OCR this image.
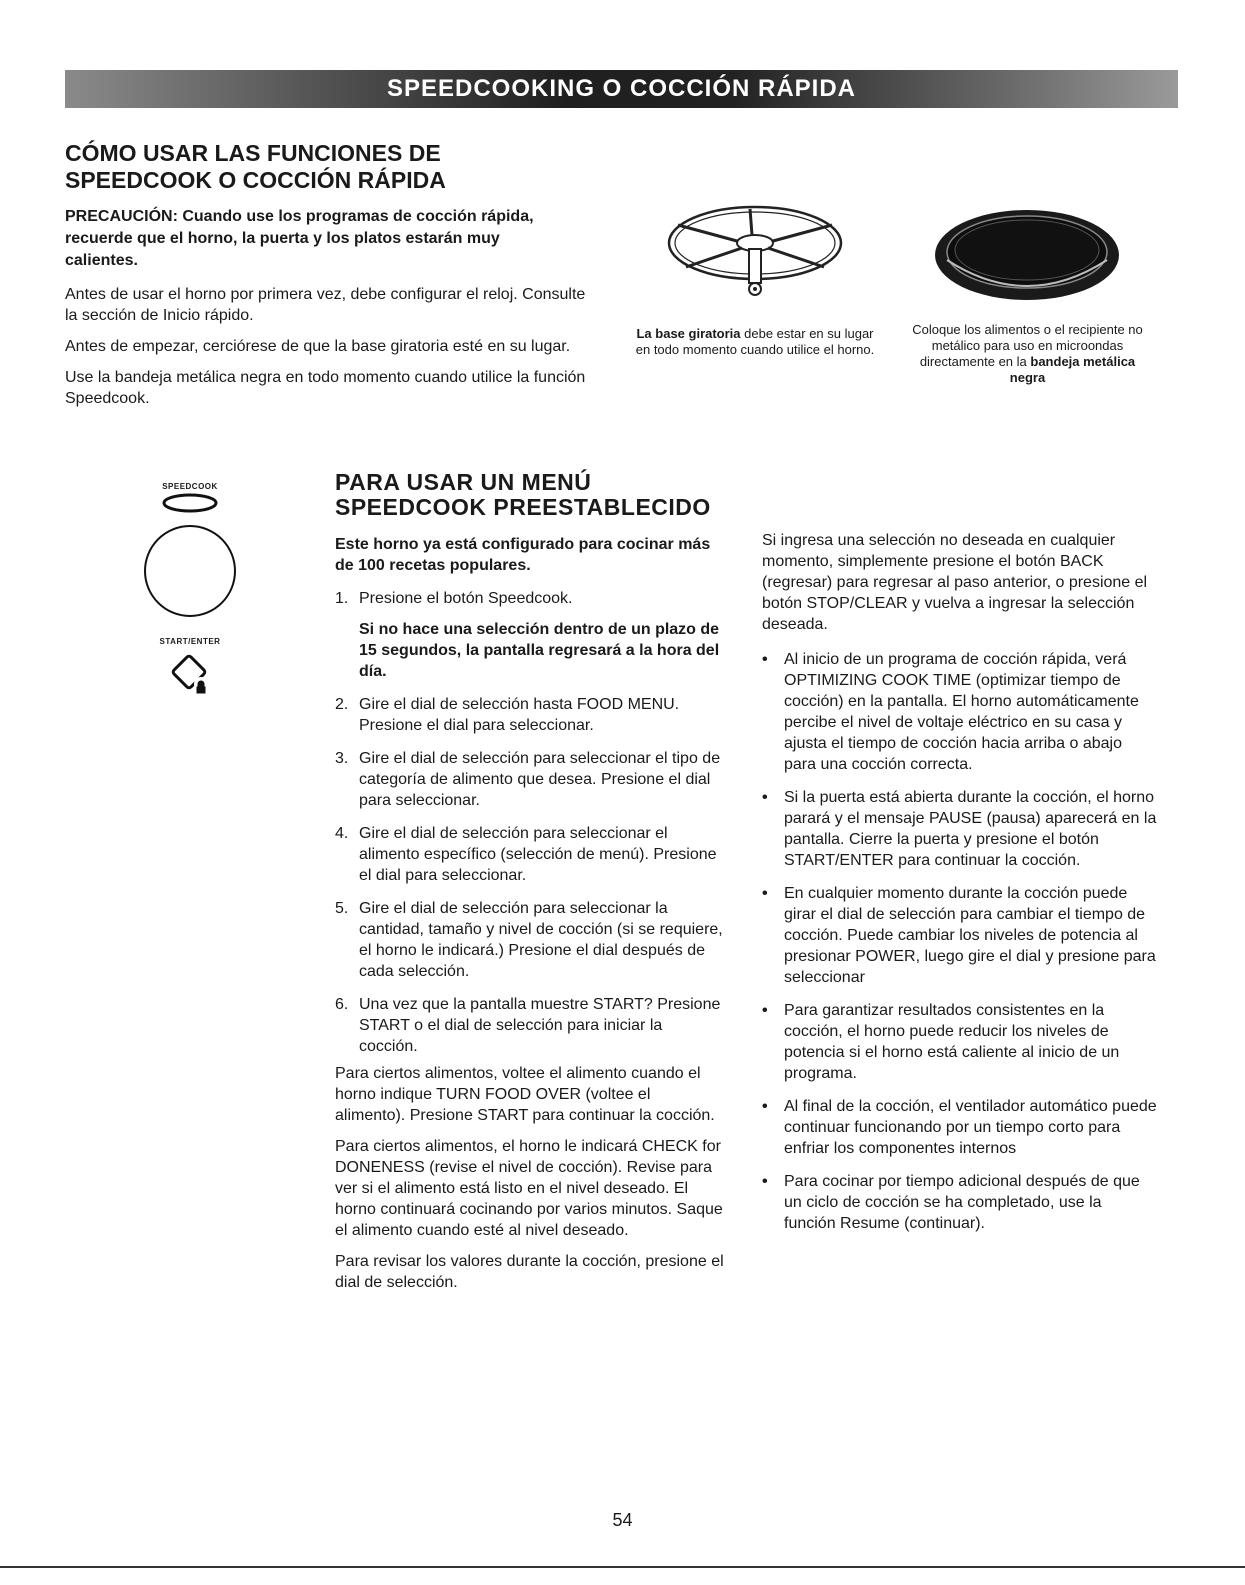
SPEEDCOOKING O COCCIÓN RÁPIDA
CÓMO USAR LAS FUNCIONES DE
SPEEDCOOK O COCCIÓN RÁPIDA

PRECAUCIÓN: Cuando use los programas de cocción rápida, recuerde que el horno, la puerta y los platos estarán muy calientes.

Antes de usar el horno por primera vez, debe configurar el reloj. Consulte la sección de Inicio rápido.

Antes de empezar, cerciórese de que la base giratoria esté en su lugar.

Use la bandeja metálica negra en todo momento cuando utilice la función Speedcook.

La base giratoria debe estar en su lugar en todo momento cuando utilice el horno.

Coloque los alimentos o el recipiente no metálico para uso en microondas directamente en la bandeja metálica negra

SPEEDCOOK
START/ENTER
PARA USAR UN MENÚ
SPEEDCOOK PREESTABLECIDO

Este horno ya está configurado para cocinar más de 100 recetas populares.

1. Presione el botón Speedcook.
Si no hace una selección dentro de un plazo de 15 segundos, la pantalla regresará a la hora del día.
2. Gire el dial de selección hasta FOOD MENU. Presione el dial para seleccionar.
3. Gire el dial de selección para seleccionar el tipo de categoría de alimento que desea. Presione el dial para seleccionar.
4. Gire el dial de selección para seleccionar el alimento específico (selección de menú). Presione el dial para seleccionar.
5. Gire el dial de selección para seleccionar la cantidad, tamaño y nivel de cocción (si se requiere, el horno le indicará.) Presione el dial después de cada selección.
6. Una vez que la pantalla muestre START? Presione START o el dial de selección para iniciar la cocción.

Para ciertos alimentos, voltee el alimento cuando el horno indique TURN FOOD OVER (voltee el alimento). Presione START para continuar la cocción.

Para ciertos alimentos, el horno le indicará CHECK for DONENESS (revise el nivel de cocción). Revise para ver si el alimento está listo en el nivel deseado. El horno continuará cocinando por varios minutos. Saque el alimento cuando esté al nivel deseado.

Para revisar los valores durante la cocción, presione el dial de selección.

Si ingresa una selección no deseada en cualquier momento, simplemente presione el botón BACK (regresar) para regresar al paso anterior, o presione el botón STOP/CLEAR y vuelva a ingresar la selección deseada.

•	Al inicio de un programa de cocción rápida, verá OPTIMIZING COOK TIME (optimizar tiempo de cocción) en la pantalla. El horno automáticamente percibe el nivel de voltaje eléctrico en su casa y ajusta el tiempo de cocción hacia arriba o abajo para una cocción correcta.
•	Si la puerta está abierta durante la cocción, el horno parará y el mensaje PAUSE (pausa) aparecerá en la pantalla. Cierre la puerta y presione el botón START/ENTER para continuar la cocción.
•	En cualquier momento durante la cocción puede girar el dial de selección para cambiar el tiempo de cocción. Puede cambiar los niveles de potencia al presionar POWER, luego gire el dial y presione para seleccionar
•	Para garantizar resultados consistentes en la cocción, el horno puede reducir los niveles de potencia si el horno está caliente al inicio de un programa.
•	Al final de la cocción, el ventilador automático puede continuar funcionando por un tiempo corto para enfriar los componentes internos
•	Para cocinar por tiempo adicional después de que un ciclo de cocción se ha completado, use la función Resume (continuar).
54
